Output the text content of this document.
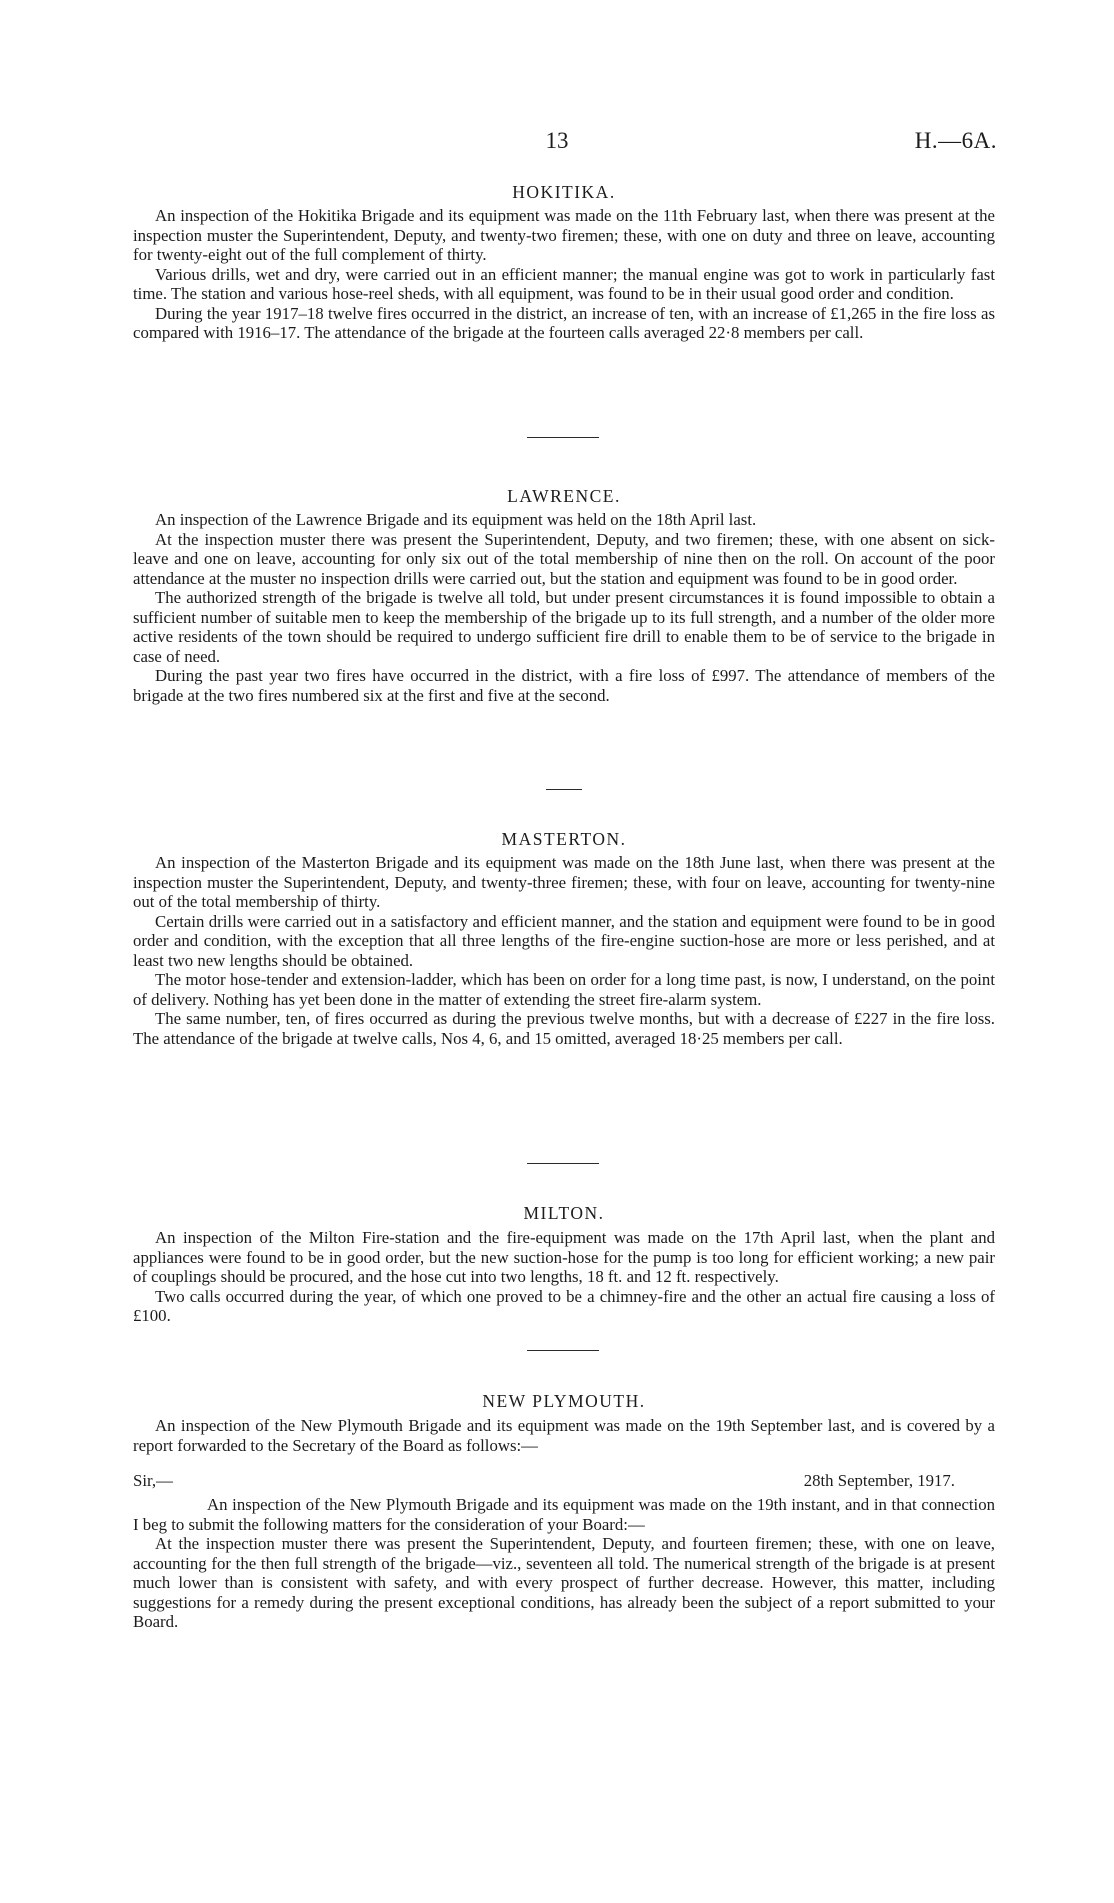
13	H.—6A.
HOKITIKA.

An inspection of the Hokitika Brigade and its equipment was made on the 11th February last, when there was present at the inspection muster the Superintendent, Deputy, and twenty-two firemen; these, with one on duty and three on leave, accounting for twenty-eight out of the full complement of thirty.

Various drills, wet and dry, were carried out in an efficient manner; the manual engine was got to work in particularly fast time. The station and various hose-reel sheds, with all equipment, was found to be in their usual good order and condition.

During the year 1917–18 twelve fires occurred in the district, an increase of ten, with an increase of £1,265 in the fire loss as compared with 1916–17. The attendance of the brigade at the fourteen calls averaged 22·8 members per call.

LAWRENCE.

An inspection of the Lawrence Brigade and its equipment was held on the 18th April last.

At the inspection muster there was present the Superintendent, Deputy, and two firemen; these, with one absent on sick-leave and one on leave, accounting for only six out of the total membership of nine then on the roll. On account of the poor attendance at the muster no inspection drills were carried out, but the station and equipment was found to be in good order.

The authorized strength of the brigade is twelve all told, but under present circumstances it is found impossible to obtain a sufficient number of suitable men to keep the membership of the brigade up to its full strength, and a number of the older more active residents of the town should be required to undergo sufficient fire drill to enable them to be of service to the brigade in case of need.

During the past year two fires have occurred in the district, with a fire loss of £997. The attendance of members of the brigade at the two fires numbered six at the first and five at the second.

MASTERTON.

An inspection of the Masterton Brigade and its equipment was made on the 18th June last, when there was present at the inspection muster the Superintendent, Deputy, and twenty-three firemen; these, with four on leave, accounting for twenty-nine out of the total membership of thirty.

Certain drills were carried out in a satisfactory and efficient manner, and the station and equipment were found to be in good order and condition, with the exception that all three lengths of the fire-engine suction-hose are more or less perished, and at least two new lengths should be obtained.

The motor hose-tender and extension-ladder, which has been on order for a long time past, is now, I understand, on the point of delivery. Nothing has yet been done in the matter of extending the street fire-alarm system.

The same number, ten, of fires occurred as during the previous twelve months, but with a decrease of £227 in the fire loss. The attendance of the brigade at twelve calls, Nos 4, 6, and 15 omitted, averaged 18·25 members per call.

MILTON.

An inspection of the Milton Fire-station and the fire-equipment was made on the 17th April last, when the plant and appliances were found to be in good order, but the new suction-hose for the pump is too long for efficient working; a new pair of couplings should be procured, and the hose cut into two lengths, 18 ft. and 12 ft. respectively.

Two calls occurred during the year, of which one proved to be a chimney-fire and the other an actual fire causing a loss of £100.

NEW PLYMOUTH.

An inspection of the New Plymouth Brigade and its equipment was made on the 19th September last, and is covered by a report forwarded to the Secretary of the Board as follows:—

Sir,—	28th September, 1917.

An inspection of the New Plymouth Brigade and its equipment was made on the 19th instant, and in that connection I beg to submit the following matters for the consideration of your Board:—

At the inspection muster there was present the Superintendent, Deputy, and fourteen firemen; these, with one on leave, accounting for the then full strength of the brigade—viz., seventeen all told. The numerical strength of the brigade is at present much lower than is consistent with safety, and with every prospect of further decrease. However, this matter, including suggestions for a remedy during the present exceptional conditions, has already been the subject of a report submitted to your Board.
